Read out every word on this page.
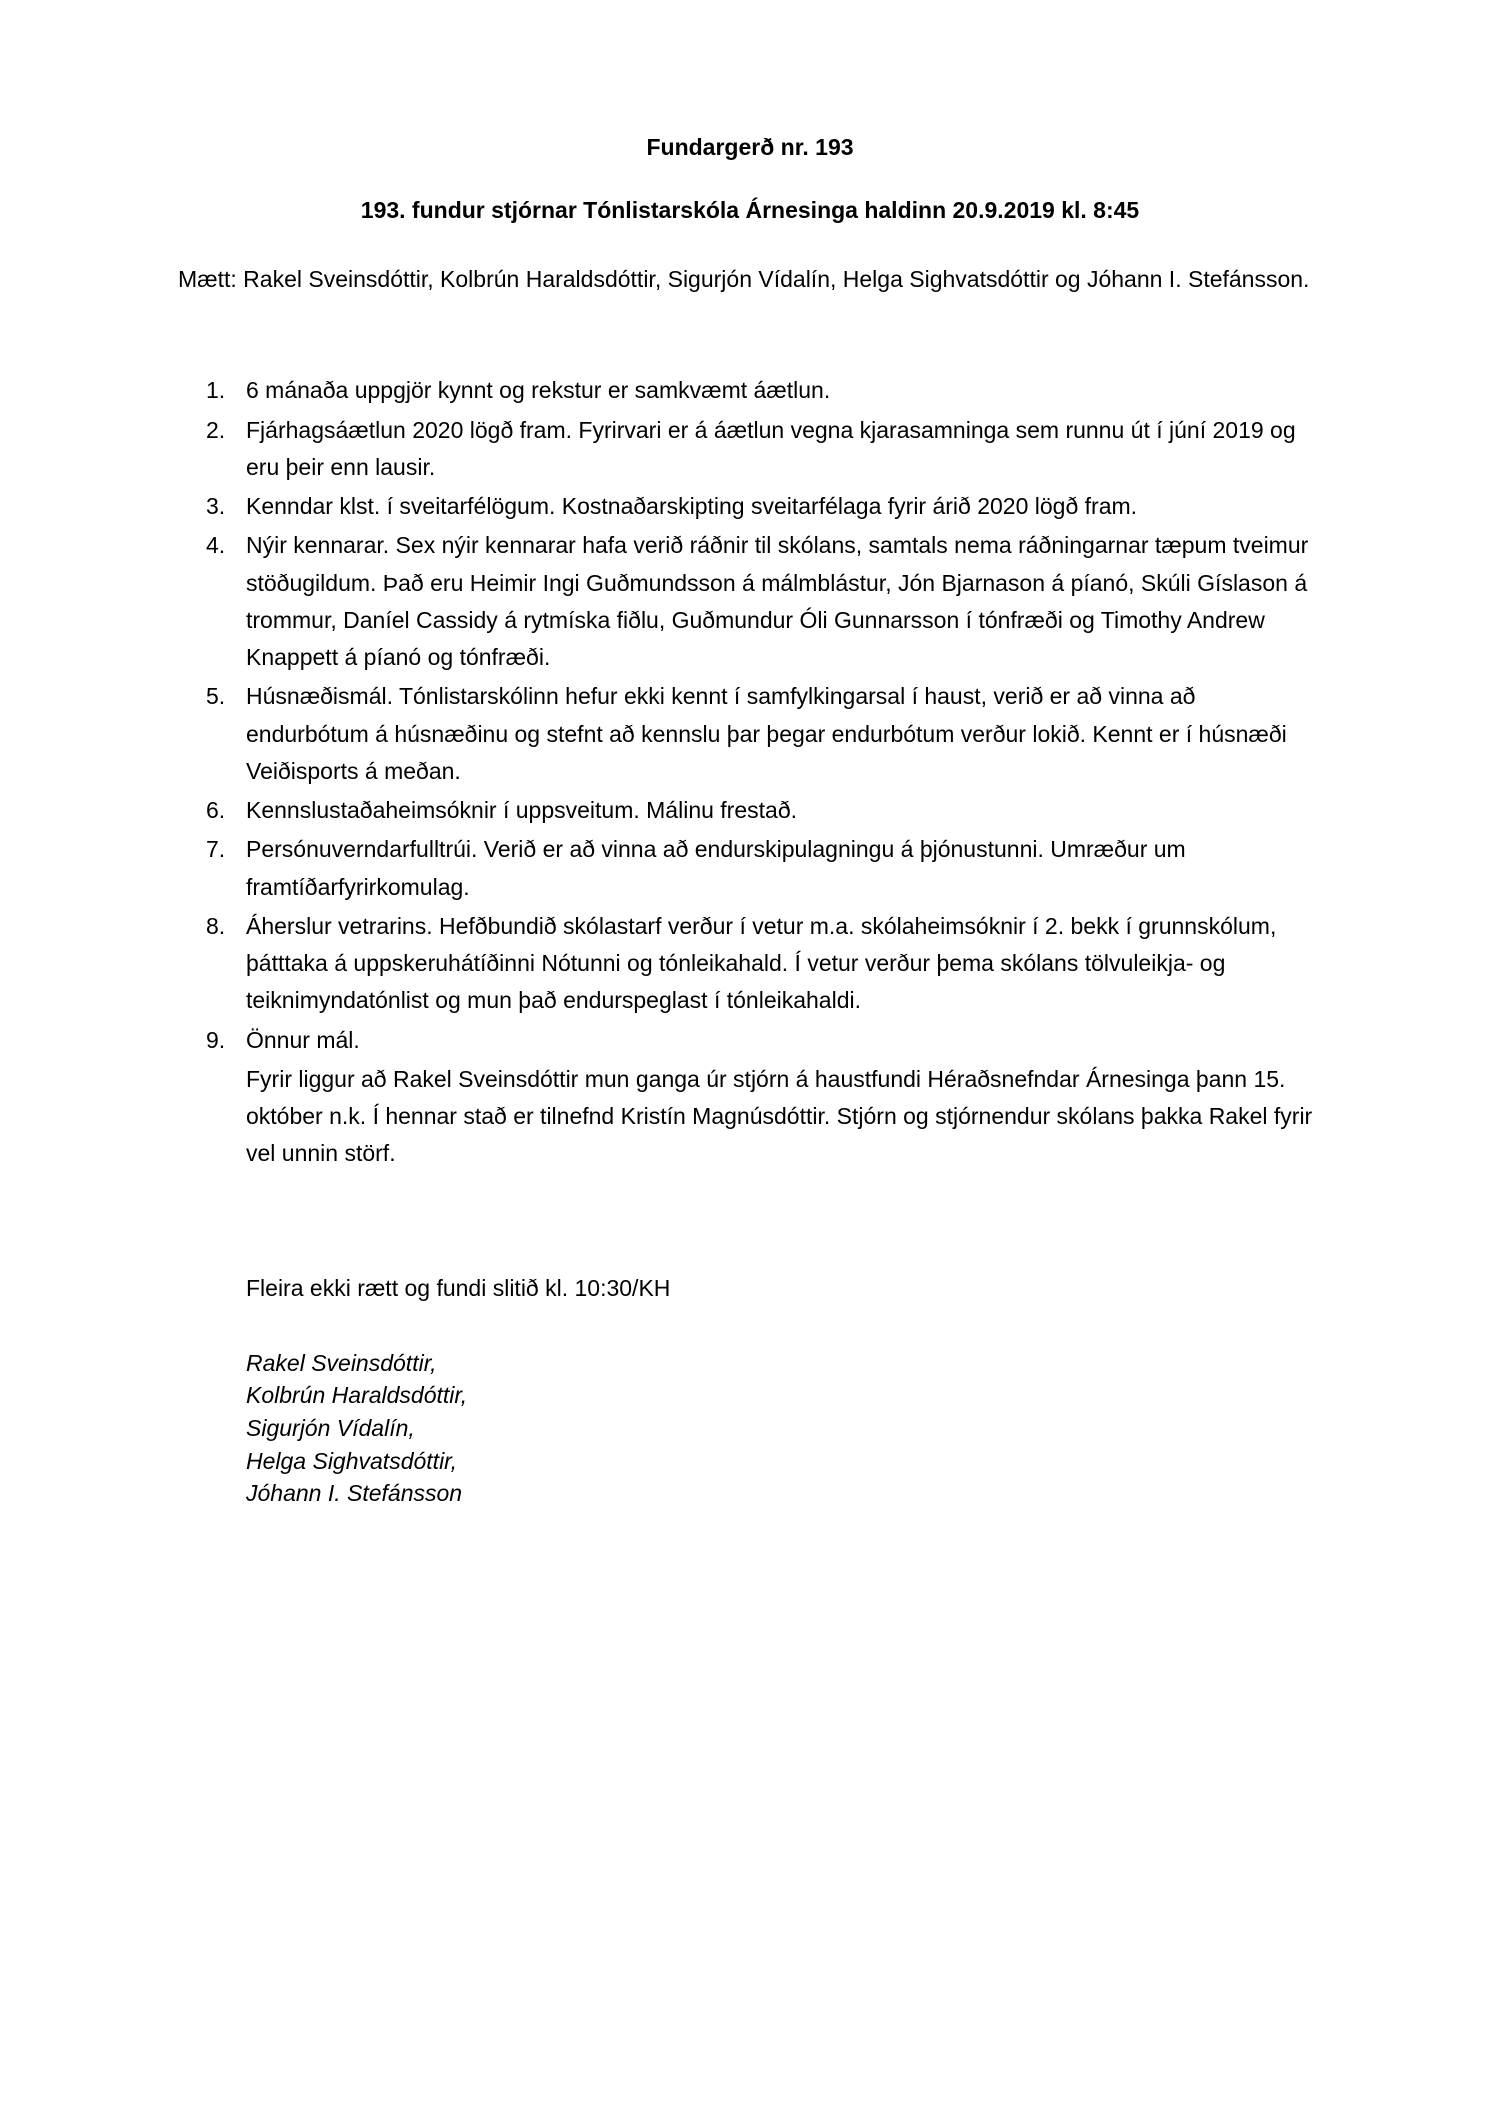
Fundargerð nr. 193
193. fundur stjórnar Tónlistarskóla Árnesinga haldinn 20.9.2019 kl. 8:45

Mætt: Rakel Sveinsdóttir, Kolbrún Haraldsdóttir, Sigurjón Vídalín, Helga Sighvatsdóttir og Jóhann I. Stefánsson.

6 mánaða uppgjör kynnt og rekstur er samkvæmt áætlun.
Fjárhagsáætlun 2020 lögð fram. Fyrirvari er á áætlun vegna kjarasamninga sem runnu út í júní 2019 og eru þeir enn lausir.
Kenndar klst. í sveitarfélögum. Kostnaðarskipting sveitarfélaga fyrir árið 2020 lögð fram.
Nýir kennarar. Sex nýir kennarar hafa verið ráðnir til skólans, samtals nema ráðningarnar tæpum tveimur stöðugildum. Það eru Heimir Ingi Guðmundsson á málmblástur, Jón Bjarnason á píanó, Skúli Gíslason á trommur, Daníel Cassidy á rytmíska fiðlu, Guðmundur Óli Gunnarsson í tónfræði og Timothy Andrew Knappett á píanó og tónfræði.
Húsnæðismál. Tónlistarskólinn hefur ekki kennt í samfylkingarsal í haust, verið er að vinna að endurbótum á húsnæðinu og stefnt að kennslu þar þegar endurbótum verður lokið. Kennt er í húsnæði Veiðisports á meðan.
Kennslustaðaheimsóknir í uppsveitum. Málinu frestað.
Persónuverndarfulltrúi. Verið er að vinna að endurskipulagningu á þjónustunni. Umræður um framtíðarfyrirkomulag.
Áherslur vetrarins. Hefðbundið skólastarf verður í vetur m.a. skólaheimsóknir í 2. bekk í grunnskólum, þátttaka á uppskeruhátíðinni Nótunni og tónleikahald. Í vetur verður þema skólans tölvuleikja- og teiknimyndatónlist og mun það endurspeglast í tónleikahaldi.
Önnur mál.
Fyrir liggur að Rakel Sveinsdóttir mun ganga úr stjórn á haustfundi Héraðsnefndar Árnesinga þann 15. október n.k. Í hennar stað er tilnefnd Kristín Magnúsdóttir. Stjórn og stjórnendur skólans þakka Rakel fyrir vel unnin störf.

Fleira ekki rætt og fundi slitið kl. 10:30/KH

Rakel Sveinsdóttir,
Kolbrún Haraldsdóttir,
Sigurjón Vídalín,
Helga Sighvatsdóttir,
Jóhann I. Stefánsson
